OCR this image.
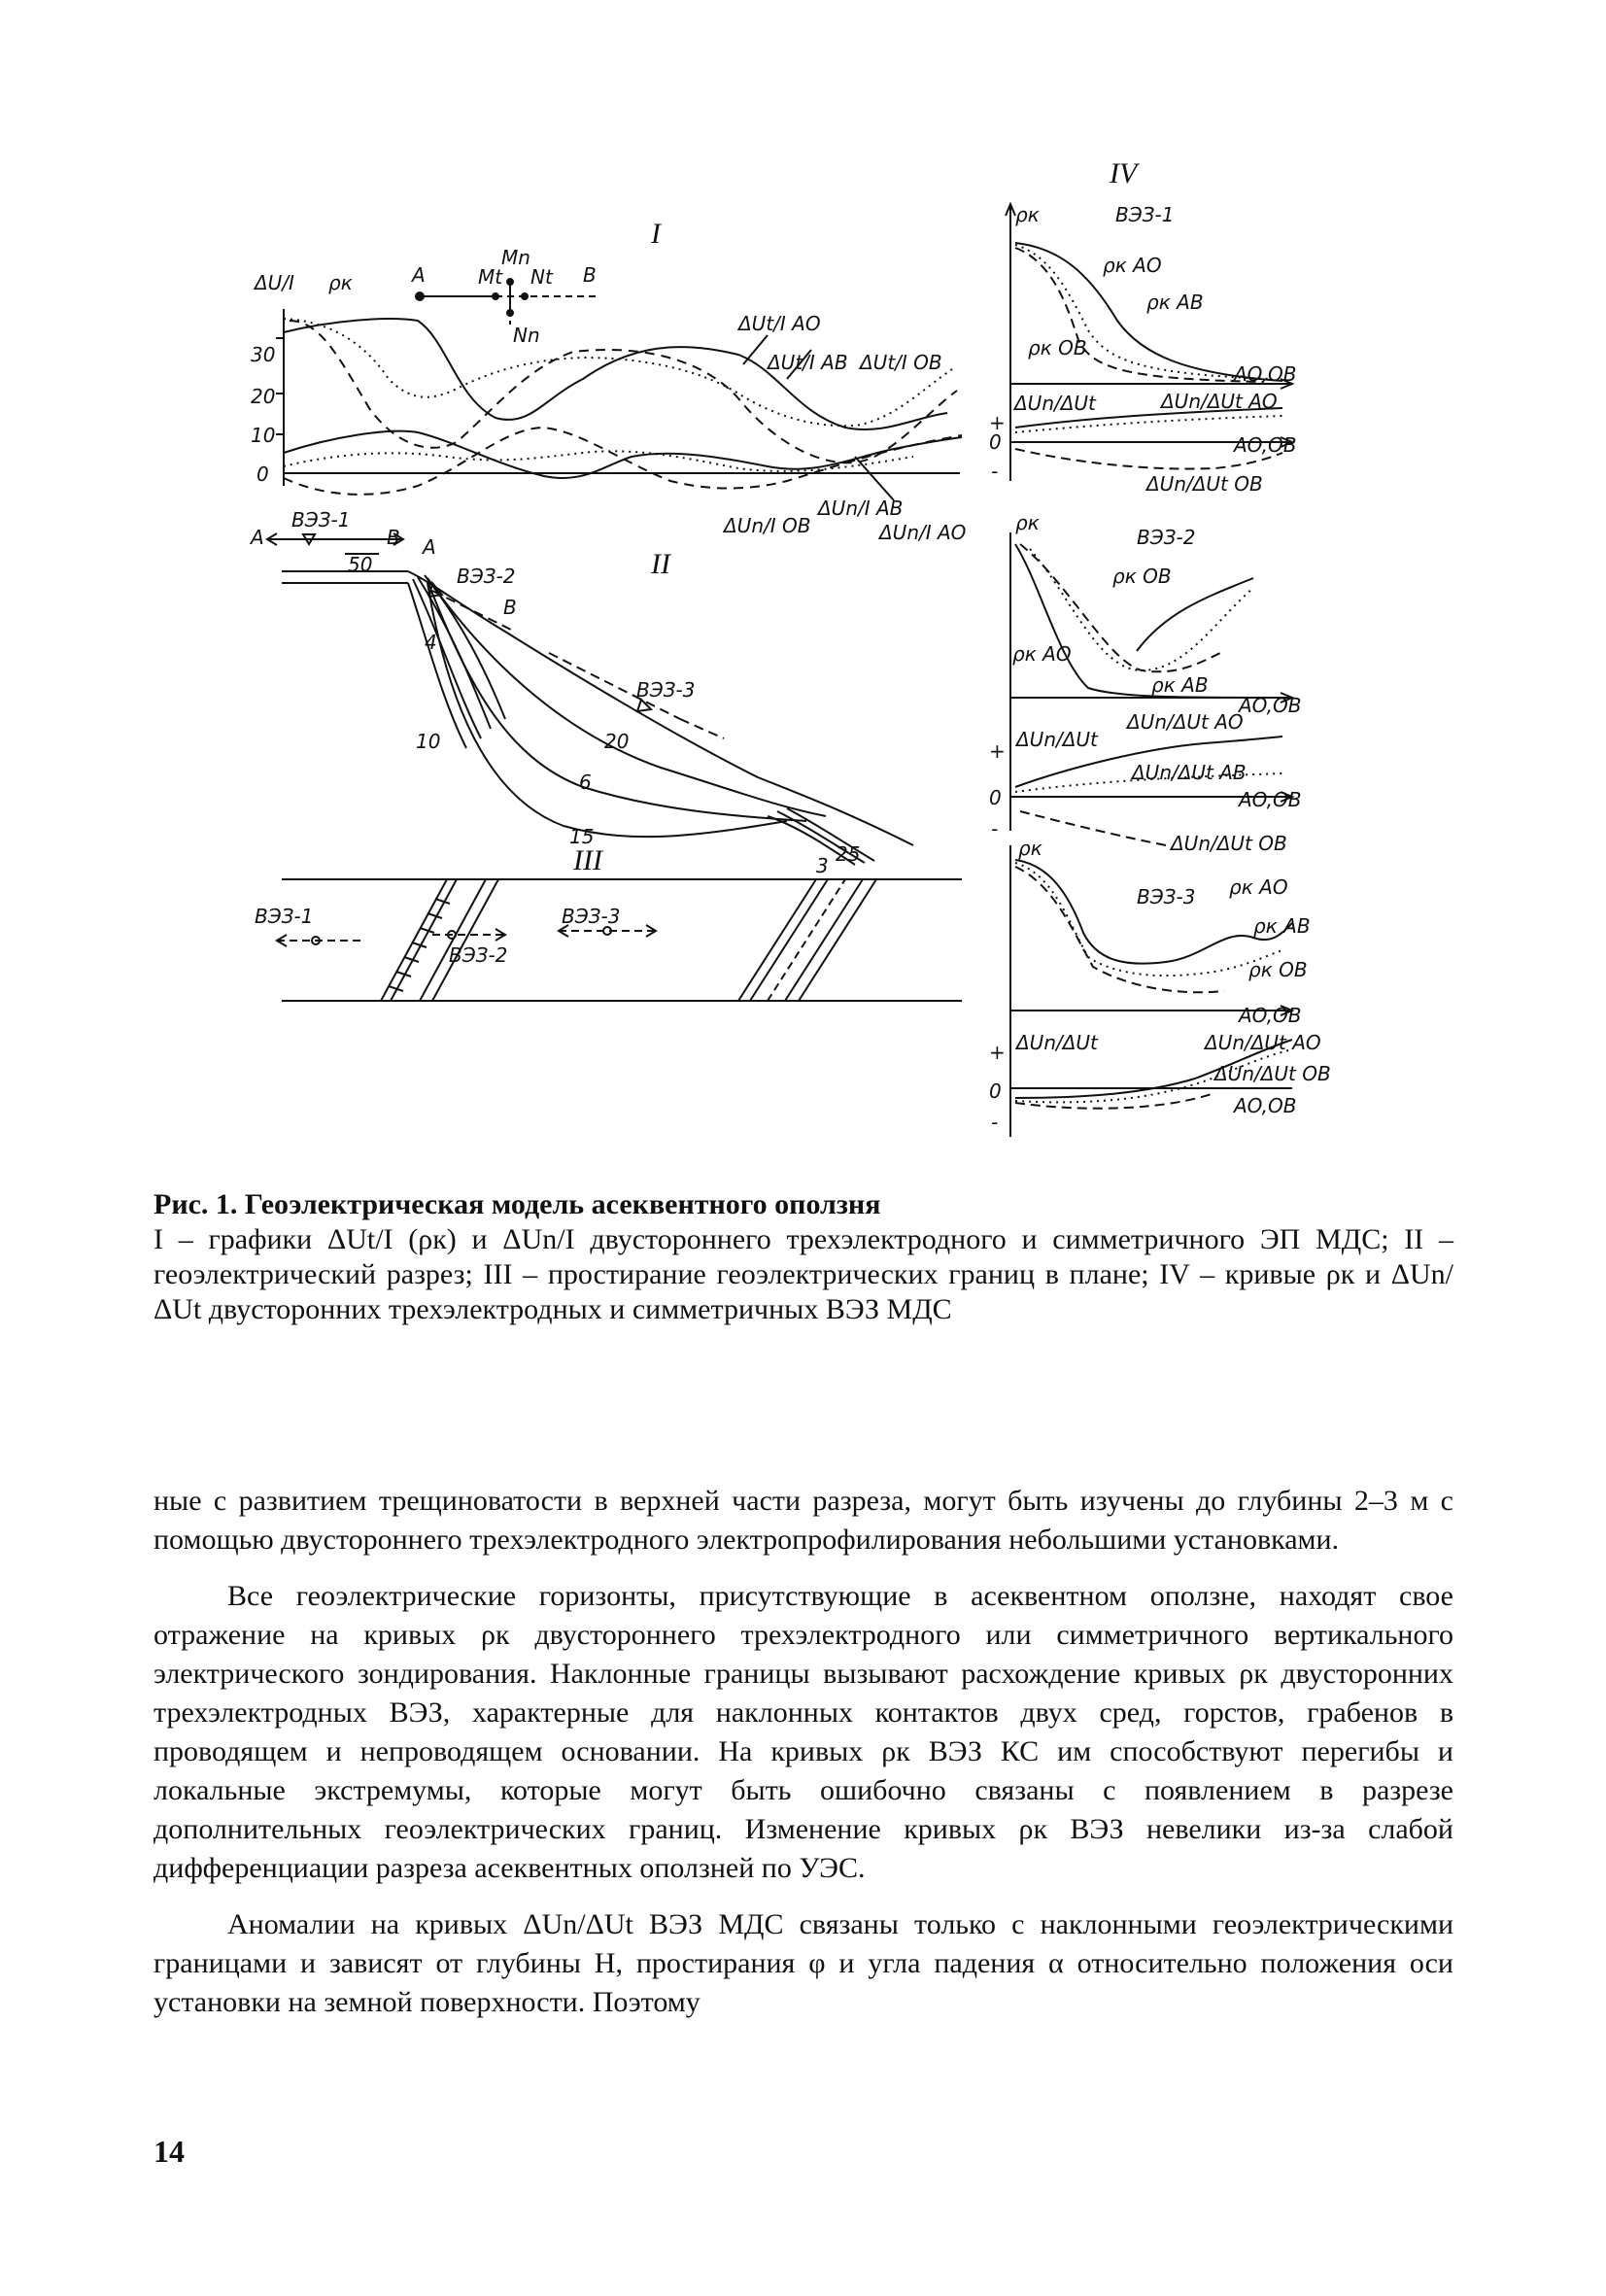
I
II
III
IV
ΔU/I ρк
30
20
10
0
A	B
Mt
Mn
Nt
Nn	ΔUt/I AO
ΔUt/I AB ΔUt/I OB
ΔUn/I OB
ΔUn/I AB
ΔUn/I AO
A	B A
B
ВЭЗ-1
ВЭЗ-2
ВЭЗ-3
50
4
10	20
6
15
3 25
ВЭЗ-1
ВЭЗ-2
ВЭЗ-3
ВЭЗ-1
ρк
ρк AO
ρк AB
ρк OB
AO,OB
ΔUn/ΔUt	ΔUn/ΔUt AO
ΔUn/ΔUt OB
AO,OB
+
0
-
ВЭЗ-2
ρк
ρк OB
ρк AO
ρк AB
AO,OB
ΔUn/ΔUt
ΔUn/ΔUt AO
ΔUn/ΔUt AB
ΔUn/ΔUt OB
AO,OB
+
0
-
ВЭЗ-3
ρк
ρк AO
ρк AB
ρк OB
AO,OB
ΔUn/ΔUt	ΔUn/ΔUt AO
ΔUn/ΔUt OB
AO,OB
+
0
-
Рис. 1. Геоэлектрическая модель асеквентного оползня
I – графики ΔUt/I (ρк) и ΔUn/I двустороннего трехэлектродного и симметричного ЭП МДС; II – геоэлектрический разрез; III – простирание геоэлектрических границ в плане; IV – кривые ρк и ΔUn/ΔUt двусторонних трехэлектродных и симметричных ВЭЗ МДС

ные с развитием трещиноватости в верхней части разреза, могут быть изучены до глубины 2–3 м с помощью двустороннего трехэлектродного электропрофилирования небольшими установками.

Все геоэлектрические горизонты, присутствующие в асеквентном оползне, находят свое отражение на кривых ρк двустороннего трехэлектродного или симметричного вертикального электрического зондирования. Наклонные границы вызывают расхождение кривых ρк двусторонних трехэлектродных ВЭЗ, характерные для наклонных контактов двух сред, горстов, грабенов в проводящем и непроводящем основании. На кривых ρк ВЭЗ КС им способствуют перегибы и локальные экстремумы, которые могут быть ошибочно связаны с появлением в разрезе дополнительных геоэлектрических границ. Изменение кривых ρк ВЭЗ невелики из-за слабой дифференциации разреза асеквентных оползней по УЭС.

Аномалии на кривых ΔUn/ΔUt ВЭЗ МДС связаны только с наклонными геоэлектрическими границами и зависят от глубины H, простирания φ и угла падения α относительно положения оси установки на земной поверхности. Поэтому

14
